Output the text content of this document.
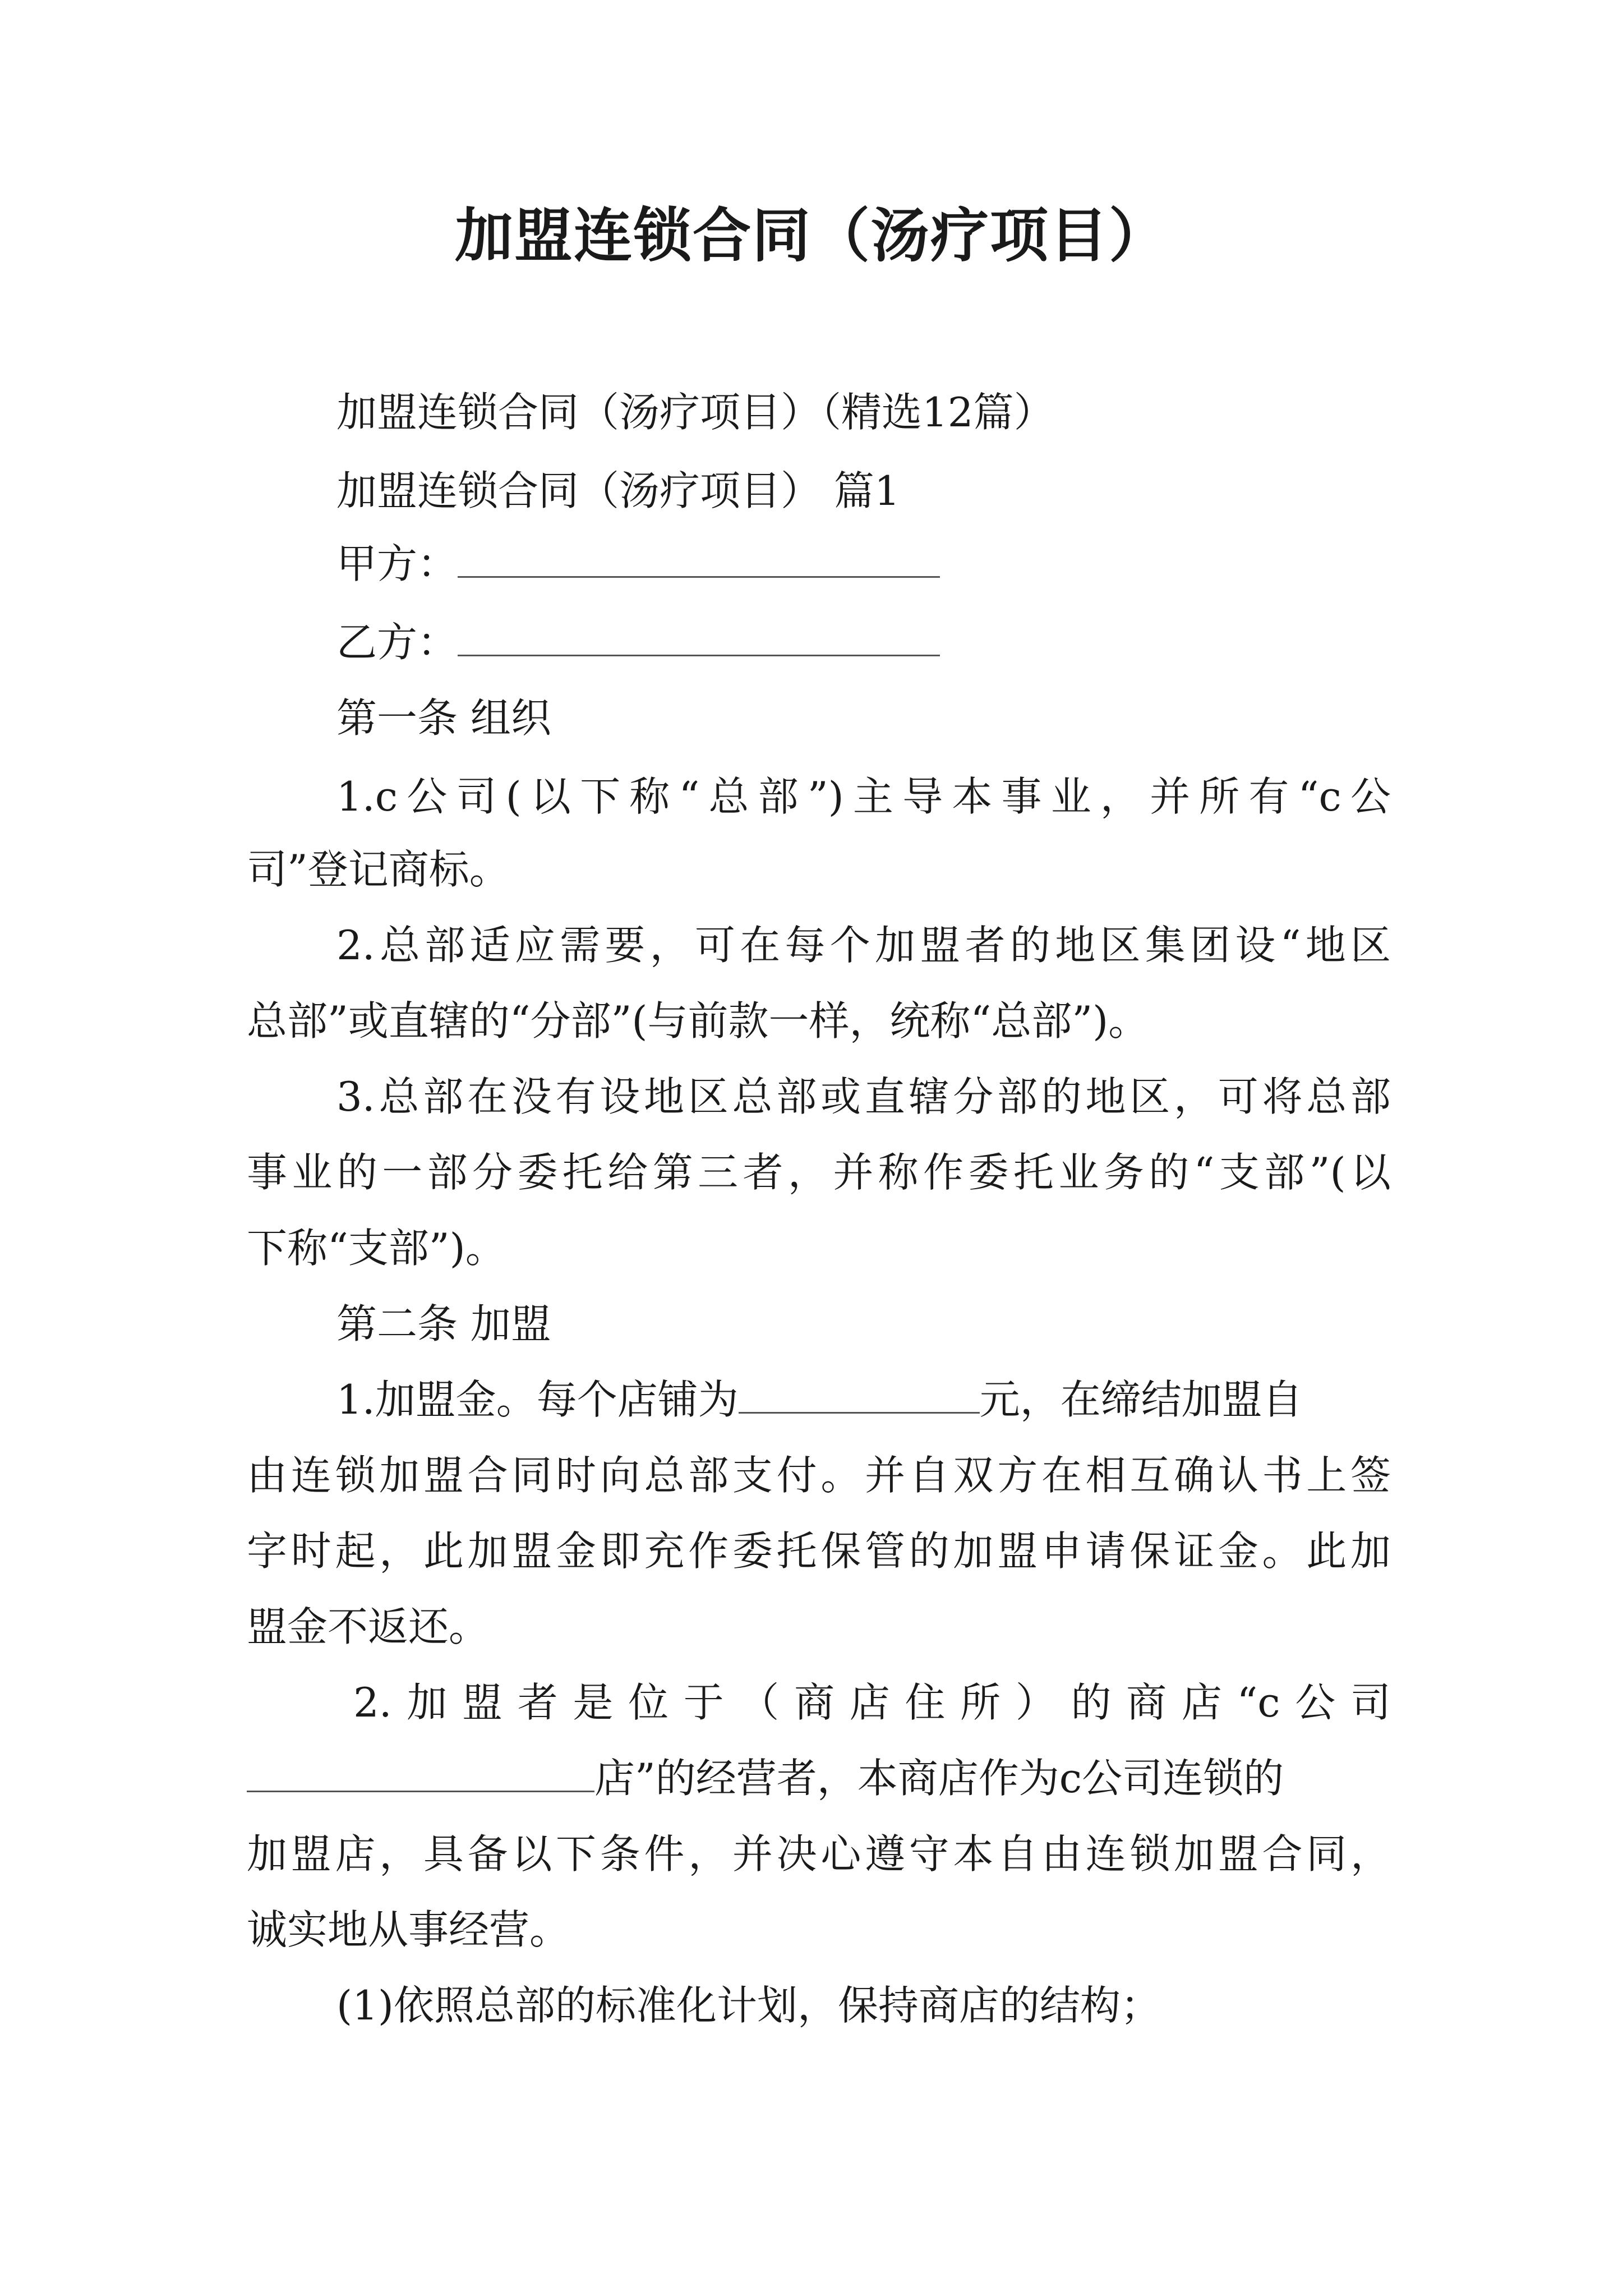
加盟连锁合同（汤疗项目）
加盟连锁合同（汤疗项目）（精选12篇）
加盟连锁合同（汤疗项目） 篇1
甲方：
乙方：
第一条 组织
1.c公司(以下称“总部”)主导本事业，并所有“c公
司”登记商标。
2.总部适应需要，可在每个加盟者的地区集团设“地区
总部”或直辖的“分部”(与前款一样，统称“总部”)。
3.总部在没有设地区总部或直辖分部的地区，可将总部
事业的一部分委托给第三者，并称作委托业务的“支部”(以
下称“支部”)。
第二条 加盟
1.加盟金。每个店铺为	元，在缔结加盟自
由连锁加盟合同时向总部支付。并自双方在相互确认书上签
字时起，此加盟金即充作委托保管的加盟申请保证金。此加
盟金不返还。
2.加盟者是位于（商店住所）的商店“c公司
店”的经营者，本商店作为c公司连锁的
加盟店，具备以下条件，并决心遵守本自由连锁加盟合同，
诚实地从事经营。
(1)依照总部的标准化计划，保持商店的结构；
